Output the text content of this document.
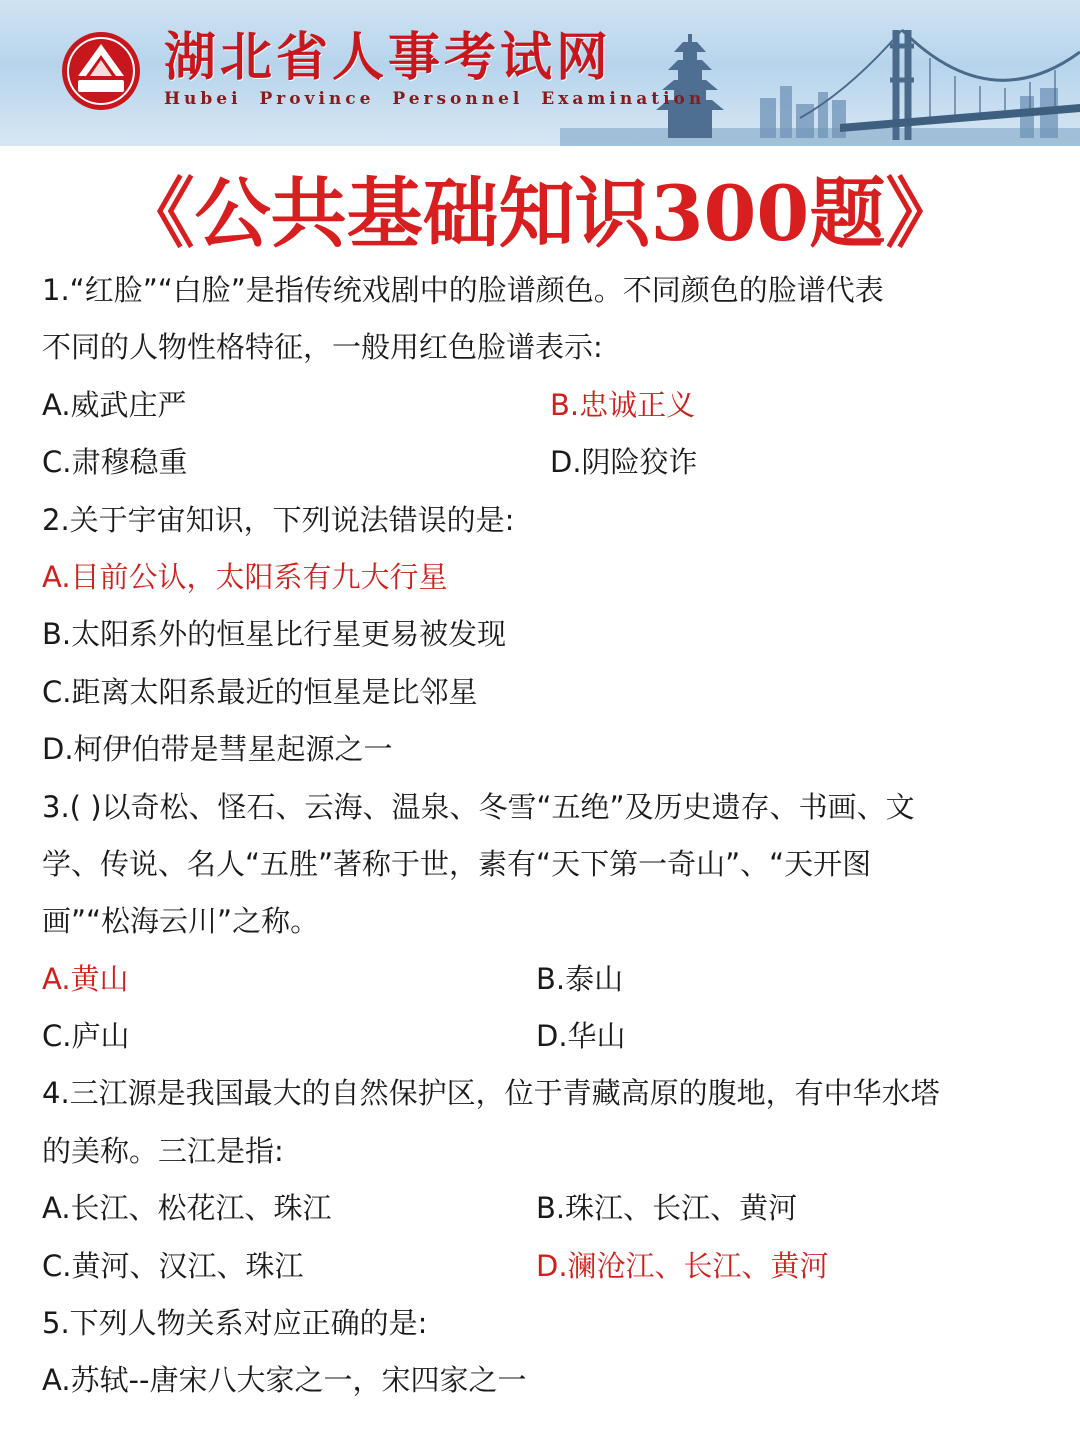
湖北省人事考试网
Hubei Province Personnel Examination
《公共基础知识300题》
1.“红脸”“白脸”是指传统戏剧中的脸谱颜色。不同颜色的脸谱代表
不同的人物性格特征，一般用红色脸谱表示:
A.威武庄严	B.忠诚正义
C.肃穆稳重	D.阴险狡诈
2.关于宇宙知识，下列说法错误的是:
A.目前公认，太阳系有九大行星
B.太阳系外的恒星比行星更易被发现
C.距离太阳系最近的恒星是比邻星
D.柯伊伯带是彗星起源之一
3.( )以奇松、怪石、云海、温泉、冬雪“五绝”及历史遗存、书画、文
学、传说、名人“五胜”著称于世，素有“天下第一奇山”、“天开图
画”“松海云川”之称。
A.黄山	B.泰山
C.庐山	D.华山
4.三江源是我国最大的自然保护区，位于青藏高原的腹地，有中华水塔
的美称。三江是指:
A.长江、松花江、珠江	B.珠江、长江、黄河
C.黄河、汉江、珠江	D.澜沧江、长江、黄河
5.下列人物关系对应正确的是:
A.苏轼--唐宋八大家之一，宋四家之一
